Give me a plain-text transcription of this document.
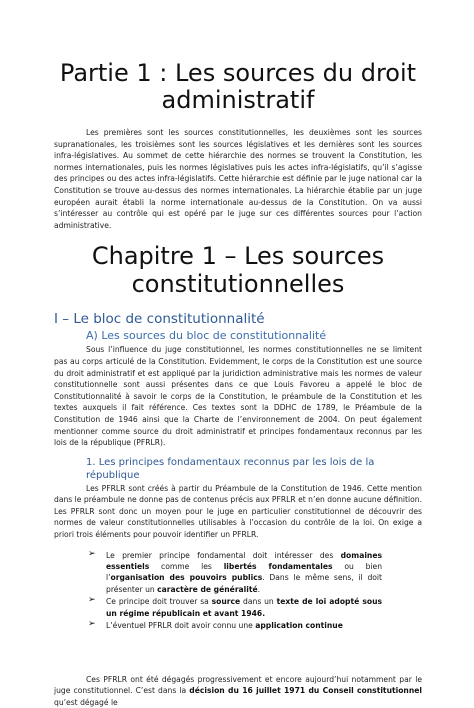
Partie 1 : Les sources du droit
administratif

Les premières sont les sources constitutionnelles, les deuxièmes sont les sources supranationales, les troisièmes sont les sources législatives et les dernières sont les sources infra-législatives. Au sommet de cette hiérarchie des normes se trouvent la Constitution, les normes internationales, puis les normes législatives puis les actes infra-législatifs, qu’il s’agisse des principes ou des actes infra-législatifs. Cette hiérarchie est définie par le juge national car la Constitution se trouve au-dessus des normes internationales. La hiérarchie établie par un juge européen aurait établi la norme internationale au-dessus de la Constitution. On va aussi s’intéresser au contrôle qui est opéré par le juge sur ces différentes sources pour l’action administrative.

Chapitre 1 – Les sources
constitutionnelles
I – Le bloc de constitutionnalité
A) Les sources du bloc de constitutionnalité

Sous l’influence du juge constitutionnel, les normes constitutionnelles ne se limitent pas au corps articulé de la Constitution. Evidemment, le corps de la Constitution est une source du droit administratif et est appliqué par la juridiction administrative mais les normes de valeur constitutionnelle sont aussi présentes dans ce que Louis Favoreu a appelé le bloc de Constitutionnalité à savoir le corps de la Constitution, le préambule de la Constitution et les textes auxquels il fait référence. Ces textes sont la DDHC de 1789, le Préambule de la Constitution de 1946 ainsi que la Charte de l’environnement de 2004. On peut également mentionner comme source du droit administratif et principes fondamentaux reconnus par les lois de la république (PFRLR).

1. Les principes fondamentaux reconnus par les lois de la république

Les PFRLR sont créés à partir du Préambule de la Constitution de 1946. Cette mention dans le préambule ne donne pas de contenus précis aux PFRLR et n’en donne aucune définition. Les PFRLR sont donc un moyen pour le juge en particulier constitutionnel de découvrir des normes de valeur constitutionnelles utilisables à l’occasion du contrôle de la loi. On exige a priori trois éléments pour pouvoir identifier un PFRLR.

➢ Le premier principe fondamental doit intéresser des domaines essentiels comme les libertés fondamentales ou bien l’organisation des pouvoirs publics. Dans le même sens, il doit présenter un caractère de généralité.
➢ Ce principe doit trouver sa source dans un texte de loi adopté sous un régime républicain et avant 1946.
➢ L’éventuel PFRLR doit avoir connu une application continue

Ces PFRLR ont été dégagés progressivement et encore aujourd’hui notamment par le juge constitutionnel. C’est dans la décision du 16 juillet 1971 du Conseil constitutionnel qu’est dégagé le
